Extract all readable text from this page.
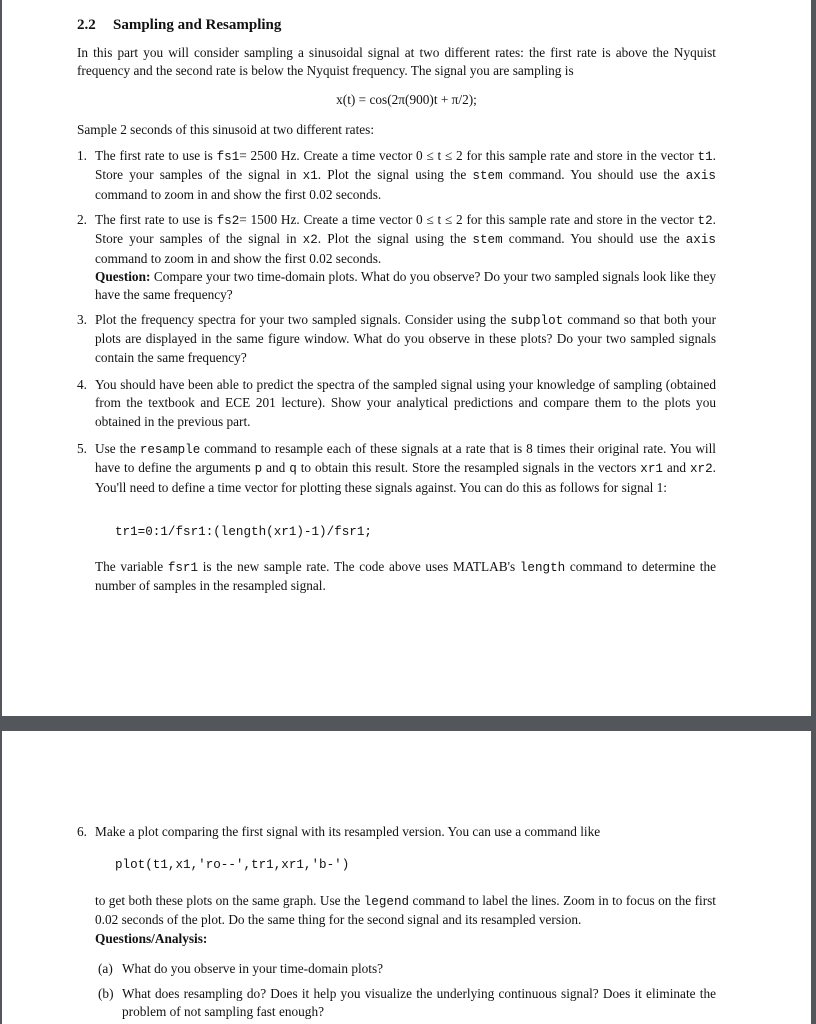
2.2 Sampling and Resampling

In this part you will consider sampling a sinusoidal signal at two different rates: the first rate is above the Nyquist frequency and the second rate is below the Nyquist frequency. The signal you are sampling is

x(t) = cos(2π(900)t + π/2);
Sample 2 seconds of this sinusoid at two different rates:
1. The first rate to use is fs1= 2500 Hz. Create a time vector 0 ≤ t ≤ 2 for this sample rate and store in the vector t1. Store your samples of the signal in x1. Plot the signal using the stem command. You should use the axis command to zoom in and show the first 0.02 seconds.
2. The first rate to use is fs2= 1500 Hz. Create a time vector 0 ≤ t ≤ 2 for this sample rate and store in the vector t2. Store your samples of the signal in x2. Plot the signal using the stem command. You should use the axis command to zoom in and show the first 0.02 seconds.
Question: Compare your two time-domain plots. What do you observe? Do your two sampled signals look like they have the same frequency?
3. Plot the frequency spectra for your two sampled signals. Consider using the subplot command so that both your plots are displayed in the same figure window. What do you observe in these plots? Do your two sampled signals contain the same frequency?
4. You should have been able to predict the spectra of the sampled signal using your knowledge of sampling (obtained from the textbook and ECE 201 lecture). Show your analytical predictions and compare them to the plots you obtained in the previous part.
5. Use the resample command to resample each of these signals at a rate that is 8 times their original rate. You will have to define the arguments p and q to obtain this result. Store the resampled signals in the vectors xr1 and xr2. You'll need to define a time vector for plotting these signals against. You can do this as follows for signal 1:
tr1=0:1/fsr1:(length(xr1)-1)/fsr1;
The variable fsr1 is the new sample rate. The code above uses MATLAB's length command to determine the number of samples in the resampled signal.
6. Make a plot comparing the first signal with its resampled version. You can use a command like
plot(t1,x1,'ro--',tr1,xr1,'b-')
to get both these plots on the same graph. Use the legend command to label the lines. Zoom in to focus on the first 0.02 seconds of the plot. Do the same thing for the second signal and its resampled version.
Questions/Analysis:
(a) What do you observe in your time-domain plots?
(b) What does resampling do? Does it help you visualize the underlying continuous signal? Does it eliminate the problem of not sampling fast enough?
